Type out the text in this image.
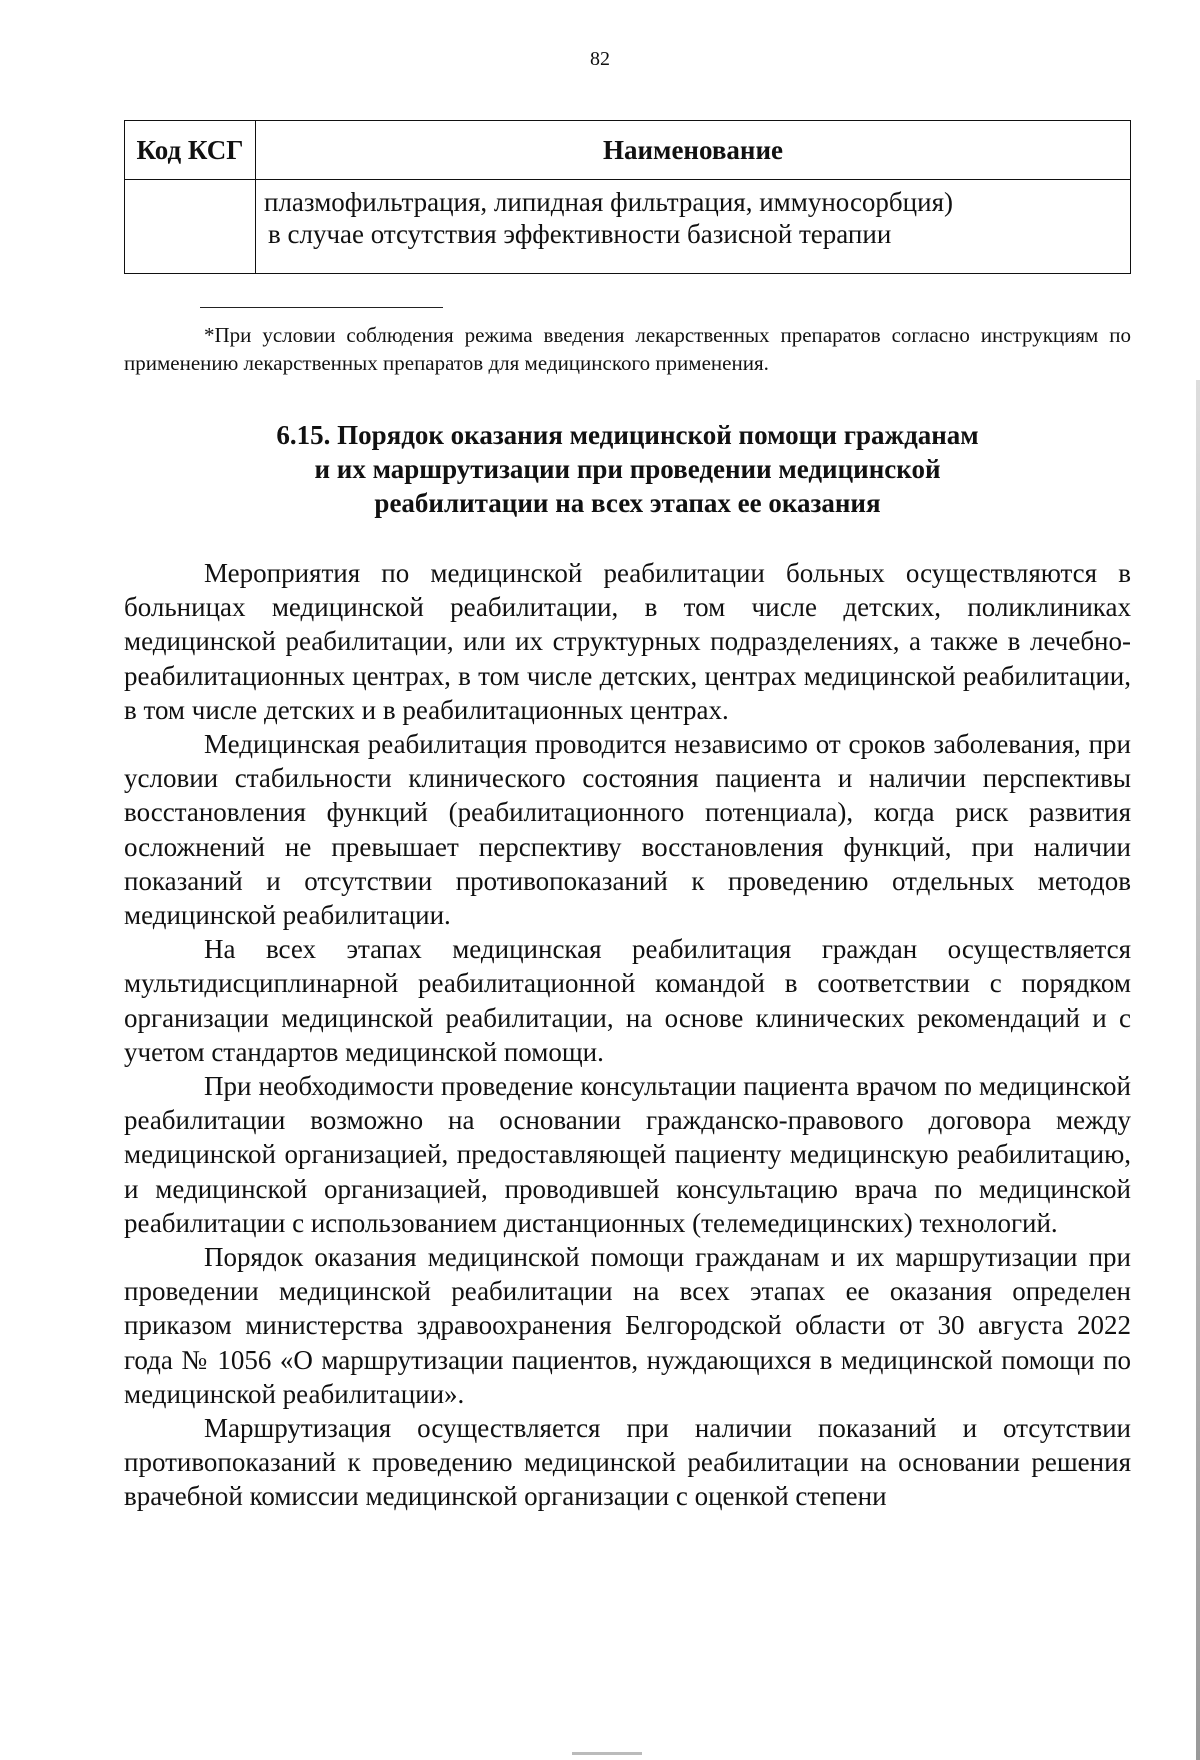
82
Код КСГ	Наименование
	плазмофильтрация, липидная фильтрация, иммуносорбция)
в случае отсутствия эффективности базисной терапии
*При условии соблюдения режима введения лекарственных препаратов согласно инструкциям по применению лекарственных препаратов для медицинского применения.
6.15. Порядок оказания медицинской помощи гражданам
и их маршрутизации при проведении медицинской
реабилитации на всех этапах ее оказания

Мероприятия по медицинской реабилитации больных осуществляются в больницах медицинской реабилитации, в том числе детских, поликлиниках медицинской реабилитации, или их структурных подразделениях, а также в лечебно-реабилитационных центрах, в том числе детских, центрах медицинской реабилитации, в том числе детских и в реабилитационных центрах.

Медицинская реабилитация проводится независимо от сроков заболевания, при условии стабильности клинического состояния пациента и наличии перспективы восстановления функций (реабилитационного потенциала), когда риск развития осложнений не превышает перспективу восстановления функций, при наличии показаний и отсутствии противопоказаний к проведению отдельных методов медицинской реабилитации.

На всех этапах медицинская реабилитация граждан осуществляется мультидисциплинарной реабилитационной командой в соответствии с порядком организации медицинской реабилитации, на основе клинических рекомендаций и с учетом стандартов медицинской помощи.

При необходимости проведение консультации пациента врачом по медицинской реабилитации возможно на основании гражданско-правового договора между медицинской организацией, предоставляющей пациенту медицинскую реабилитацию, и медицинской организацией, проводившей консультацию врача по медицинской реабилитации с использованием дистанционных (телемедицинских) технологий.

Порядок оказания медицинской помощи гражданам и их маршрутизации при проведении медицинской реабилитации на всех этапах ее оказания определен приказом министерства здравоохранения Белгородской области от 30 августа 2022 года № 1056 «О маршрутизации пациентов, нуждающихся в медицинской помощи по медицинской реабилитации».

Маршрутизация осуществляется при наличии показаний и отсутствии противопоказаний к проведению медицинской реабилитации на основании решения врачебной комиссии медицинской организации с оценкой степени
